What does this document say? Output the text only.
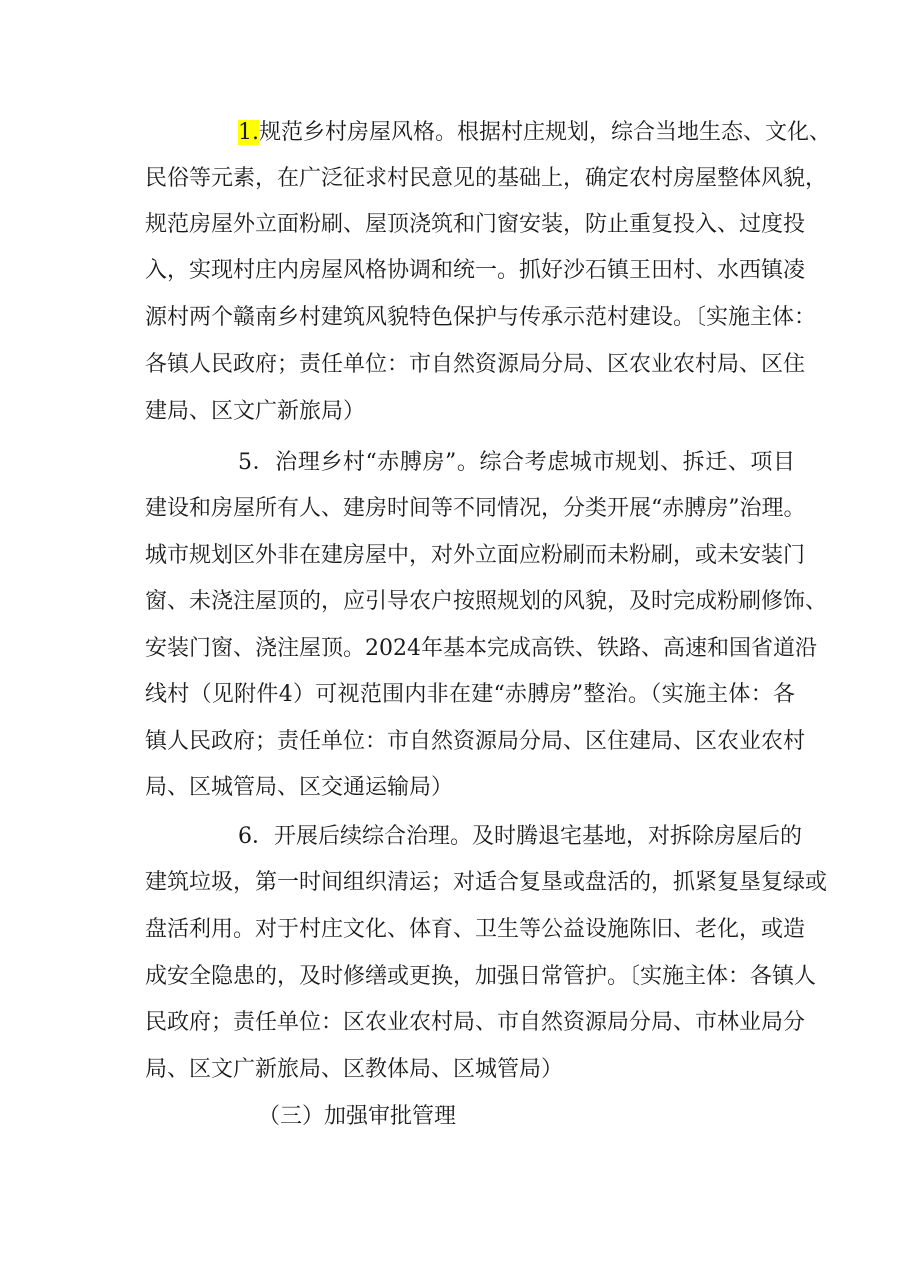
1.规范乡村房屋风格。根据村庄规划，综合当地生态、文化、
民俗等元素，在广泛征求村民意见的基础上，确定农村房屋整体风貌，
规范房屋外立面粉刷、屋顶浇筑和门窗安装，防止重复投入、过度投
入，实现村庄内房屋风格协调和统一。抓好沙石镇王田村、水西镇凌
源村两个赣南乡村建筑风貌特色保护与传承示范村建设。〔实施主体：
各镇人民政府；责任单位：市自然资源局分局、区农业农村局、区住
建局、区文广新旅局）
5．治理乡村“赤膊房”。综合考虑城市规划、拆迁、项目
建设和房屋所有人、建房时间等不同情况，分类开展“赤膊房”治理。
城市规划区外非在建房屋中，对外立面应粉刷而未粉刷，或未安装门
窗、未浇注屋顶的，应引导农户按照规划的风貌，及时完成粉刷修饰、
安装门窗、浇注屋顶。2024年基本完成高铁、铁路、高速和国省道沿
线村（见附件4）可视范围内非在建“赤膊房”整治。（实施主体：各
镇人民政府；责任单位：市自然资源局分局、区住建局、区农业农村
局、区城管局、区交通运输局）
6．开展后续综合治理。及时腾退宅基地，对拆除房屋后的
建筑垃圾，第一时间组织清运；对适合复垦或盘活的，抓紧复垦复绿或
盘活利用。对于村庄文化、体育、卫生等公益设施陈旧、老化，或造
成安全隐患的，及时修缮或更换，加强日常管护。〔实施主体：各镇人
民政府；责任单位：区农业农村局、市自然资源局分局、市林业局分
局、区文广新旅局、区教体局、区城管局）
（三）加强审批管理
